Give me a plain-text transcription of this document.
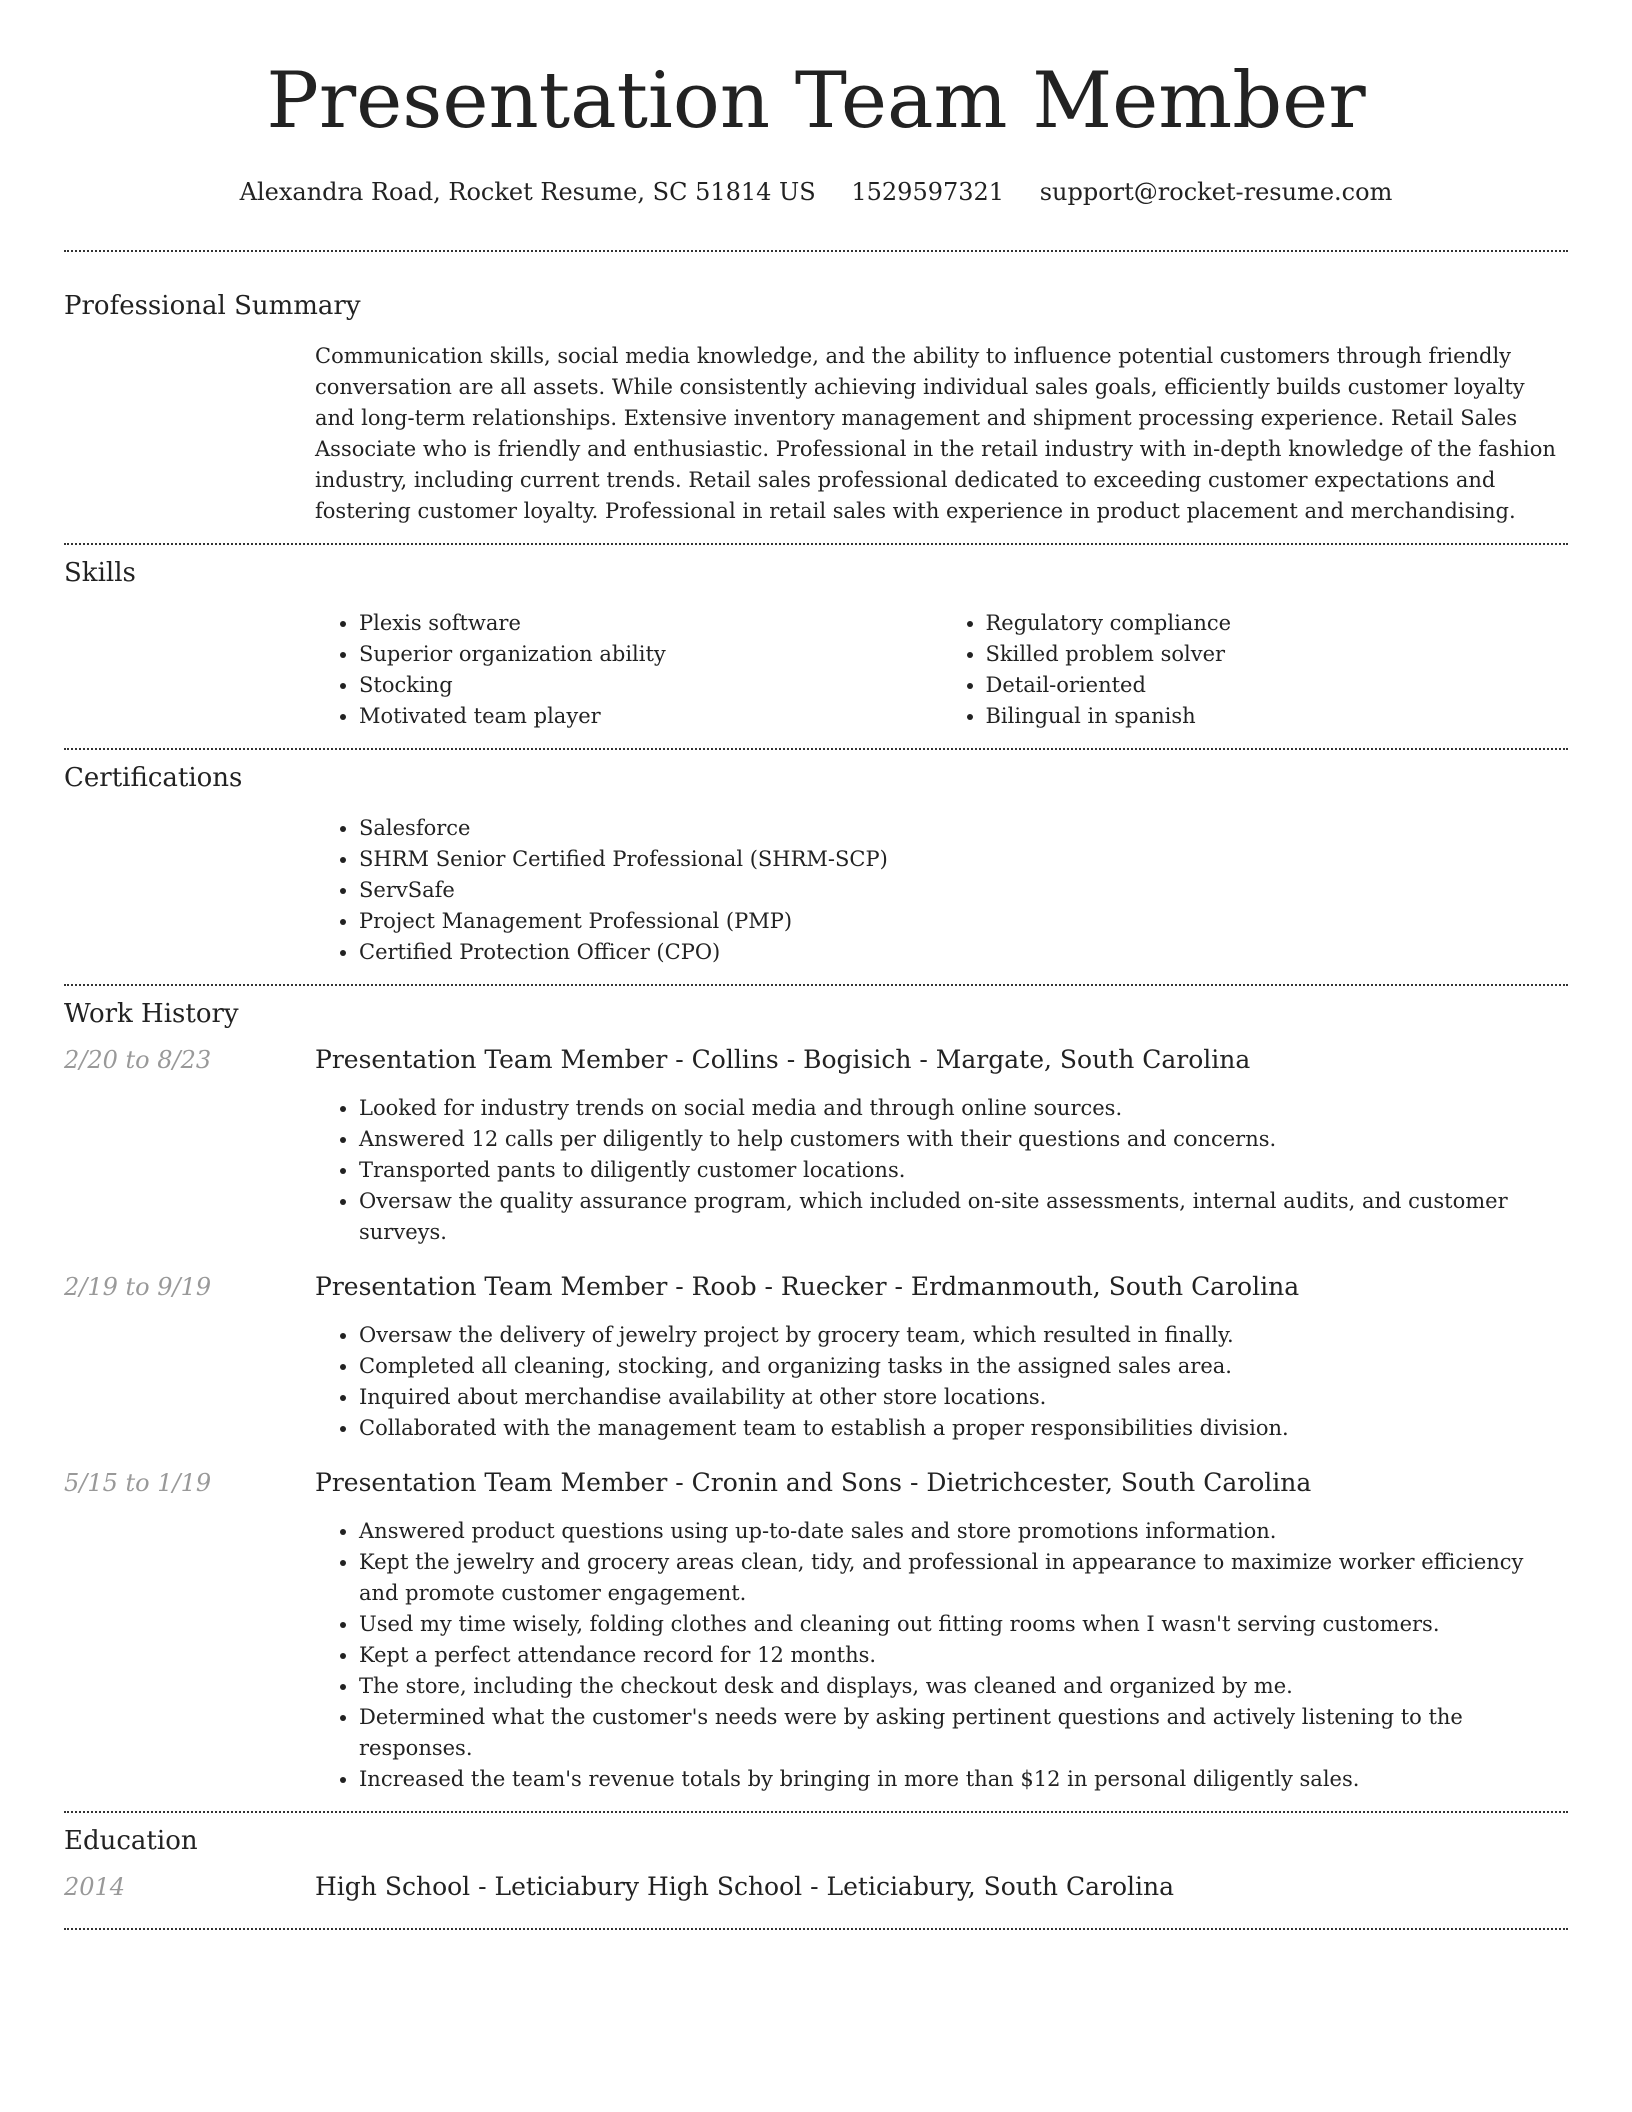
Presentation Team Member
Alexandra Road, Rocket Resume, SC 51814 US 1529597321 support@rocket-resume.com
Professional Summary

Communication skills, social media knowledge, and the ability to influence potential customers through friendly conversation are all assets. While consistently achieving individual sales goals, efficiently builds customer loyalty and long-term relationships. Extensive inventory management and shipment processing experience. Retail Sales Associate who is friendly and enthusiastic. Professional in the retail industry with in-depth knowledge of the fashion industry, including current trends. Retail sales professional dedicated to exceeding customer expectations and fostering customer loyalty. Professional in retail sales with experience in product placement and merchandising.

Skills
• Plexis software
• Superior organization ability
• Stocking
• Motivated team player
• Regulatory compliance
• Skilled problem solver
• Detail-oriented
• Bilingual in spanish
Certifications
• Salesforce
• SHRM Senior Certified Professional (SHRM-SCP)
• ServSafe
• Project Management Professional (PMP)
• Certified Protection Officer (CPO)
Work History
2/20 to 8/23	Presentation Team Member - Collins - Bogisich - Margate, South Carolina
• Looked for industry trends on social media and through online sources.
• Answered 12 calls per diligently to help customers with their questions and concerns.
• Transported pants to diligently customer locations.
• Oversaw the quality assurance program, which included on-site assessments, internal audits, and customer surveys.
2/19 to 9/19	Presentation Team Member - Roob - Ruecker - Erdmanmouth, South Carolina
• Oversaw the delivery of jewelry project by grocery team, which resulted in finally.
• Completed all cleaning, stocking, and organizing tasks in the assigned sales area.
• Inquired about merchandise availability at other store locations.
• Collaborated with the management team to establish a proper responsibilities division.
5/15 to 1/19	Presentation Team Member - Cronin and Sons - Dietrichcester, South Carolina
• Answered product questions using up-to-date sales and store promotions information.
• Kept the jewelry and grocery areas clean, tidy, and professional in appearance to maximize worker efficiency and promote customer engagement.
• Used my time wisely, folding clothes and cleaning out fitting rooms when I wasn't serving customers.
• Kept a perfect attendance record for 12 months.
• The store, including the checkout desk and displays, was cleaned and organized by me.
• Determined what the customer's needs were by asking pertinent questions and actively listening to the responses.
• Increased the team's revenue totals by bringing in more than $12 in personal diligently sales.
Education
2014	High School - Leticiabury High School - Leticiabury, South Carolina
